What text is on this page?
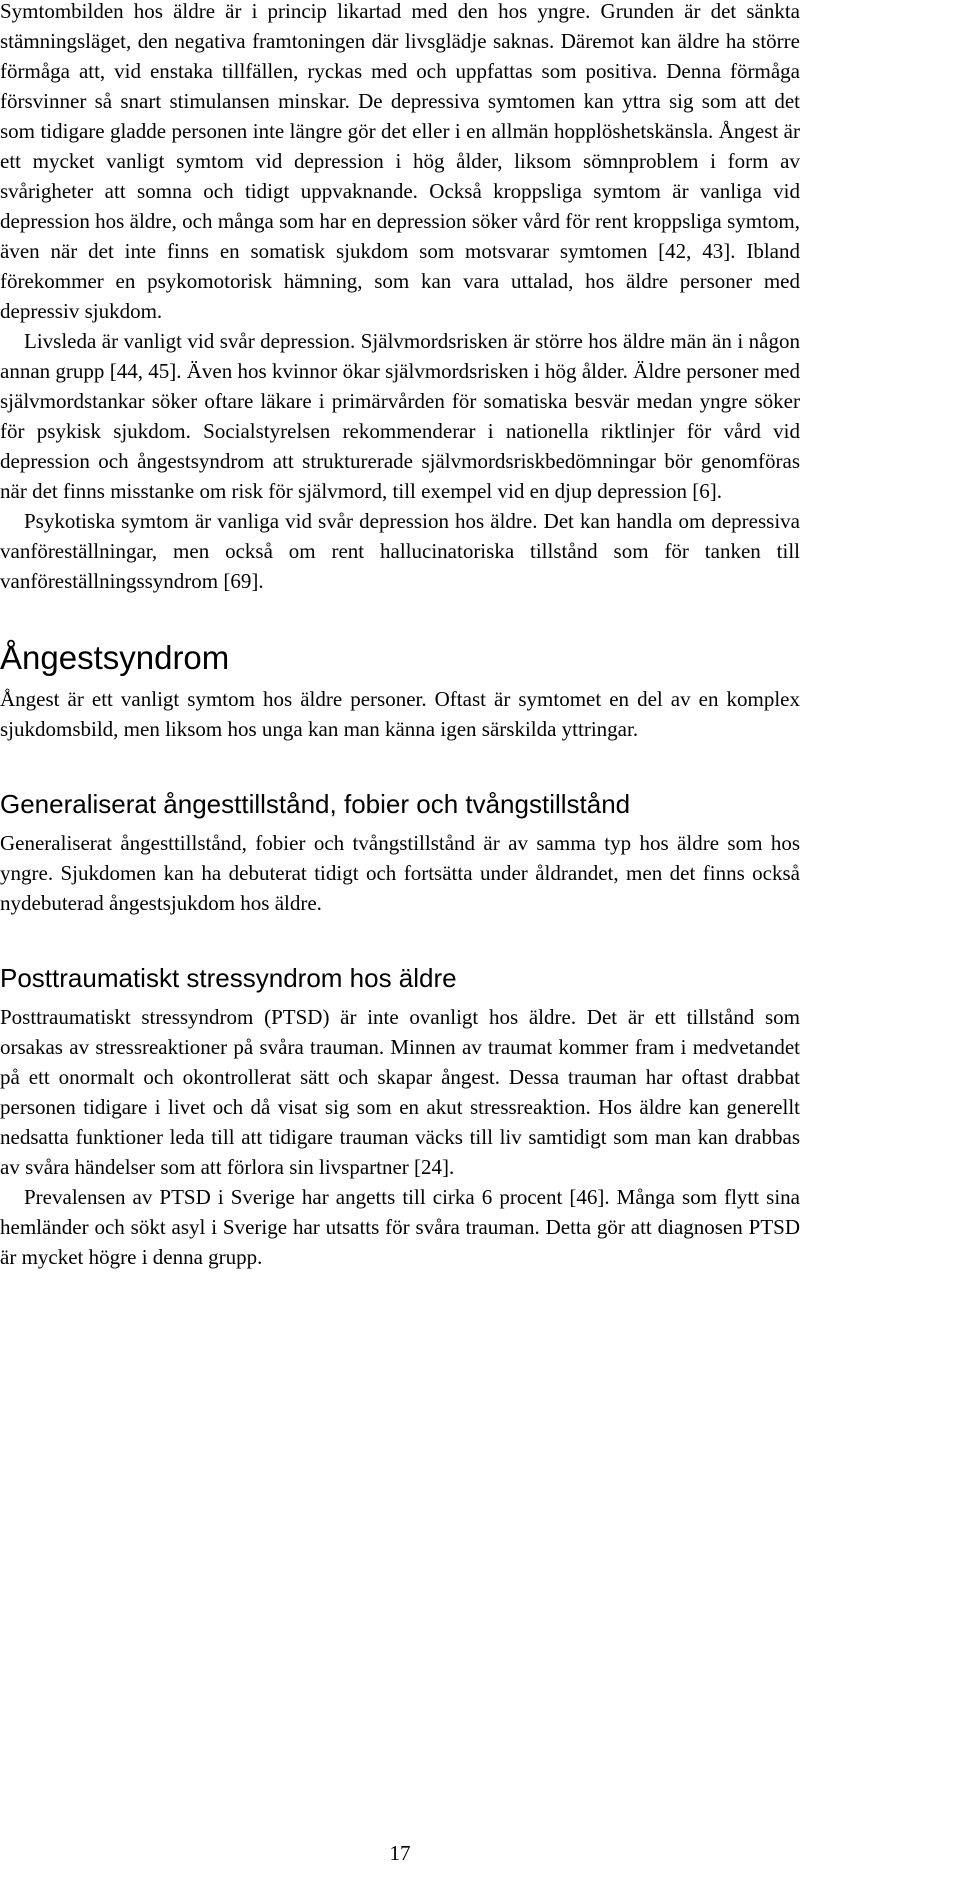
Symtombilden hos äldre är i princip likartad med den hos yngre. Grunden är det sänkta stämningsläget, den negativa framtoningen där livsglädje saknas. Däremot kan äldre ha större förmåga att, vid enstaka tillfällen, ryckas med och uppfattas som positiva. Denna förmåga försvinner så snart stimulansen minskar. De depressiva symtomen kan yttra sig som att det som tidigare gladde personen inte längre gör det eller i en allmän hopplöshetskänsla. Ångest är ett mycket vanligt symtom vid depression i hög ålder, liksom sömnproblem i form av svårigheter att somna och tidigt uppvaknande. Också kroppsliga symtom är vanliga vid depression hos äldre, och många som har en depression söker vård för rent kroppsliga symtom, även när det inte finns en somatisk sjukdom som motsvarar symtomen [42, 43]. Ibland förekommer en psykomotorisk hämning, som kan vara uttalad, hos äldre personer med depressiv sjukdom.

Livsleda är vanligt vid svår depression. Självmordsrisken är större hos äldre män än i någon annan grupp [44, 45]. Även hos kvinnor ökar självmordsrisken i hög ålder. Äldre personer med självmordstankar söker oftare läkare i primärvården för somatiska besvär medan yngre söker för psykisk sjukdom. Socialstyrelsen rekommenderar i nationella riktlinjer för vård vid depression och ångestsyndrom att strukturerade självmordsriskbedömningar bör genomföras när det finns misstanke om risk för självmord, till exempel vid en djup depression [6].

Psykotiska symtom är vanliga vid svår depression hos äldre. Det kan handla om depressiva vanföreställningar, men också om rent hallucinatoriska tillstånd som för tanken till vanföreställningssyndrom [69].

Ångestsyndrom

Ångest är ett vanligt symtom hos äldre personer. Oftast är symtomet en del av en komplex sjukdomsbild, men liksom hos unga kan man känna igen särskilda yttringar.

Generaliserat ångesttillstånd, fobier och tvångstillstånd

Generaliserat ångesttillstånd, fobier och tvångstillstånd är av samma typ hos äldre som hos yngre. Sjukdomen kan ha debuterat tidigt och fortsätta under åldrandet, men det finns också nydebuterad ångestsjukdom hos äldre.

Posttraumatiskt stressyndrom hos äldre

Posttraumatiskt stressyndrom (PTSD) är inte ovanligt hos äldre. Det är ett tillstånd som orsakas av stressreaktioner på svåra trauman. Minnen av traumat kommer fram i medvetandet på ett onormalt och okontrollerat sätt och skapar ångest. Dessa trauman har oftast drabbat personen tidigare i livet och då visat sig som en akut stressreaktion. Hos äldre kan generellt nedsatta funktioner leda till att tidigare trauman väcks till liv samtidigt som man kan drabbas av svåra händelser som att förlora sin livspartner [24].

Prevalensen av PTSD i Sverige har angetts till cirka 6 procent [46]. Många som flytt sina hemländer och sökt asyl i Sverige har utsatts för svåra trauman. Detta gör att diagnosen PTSD är mycket högre i denna grupp.

17
